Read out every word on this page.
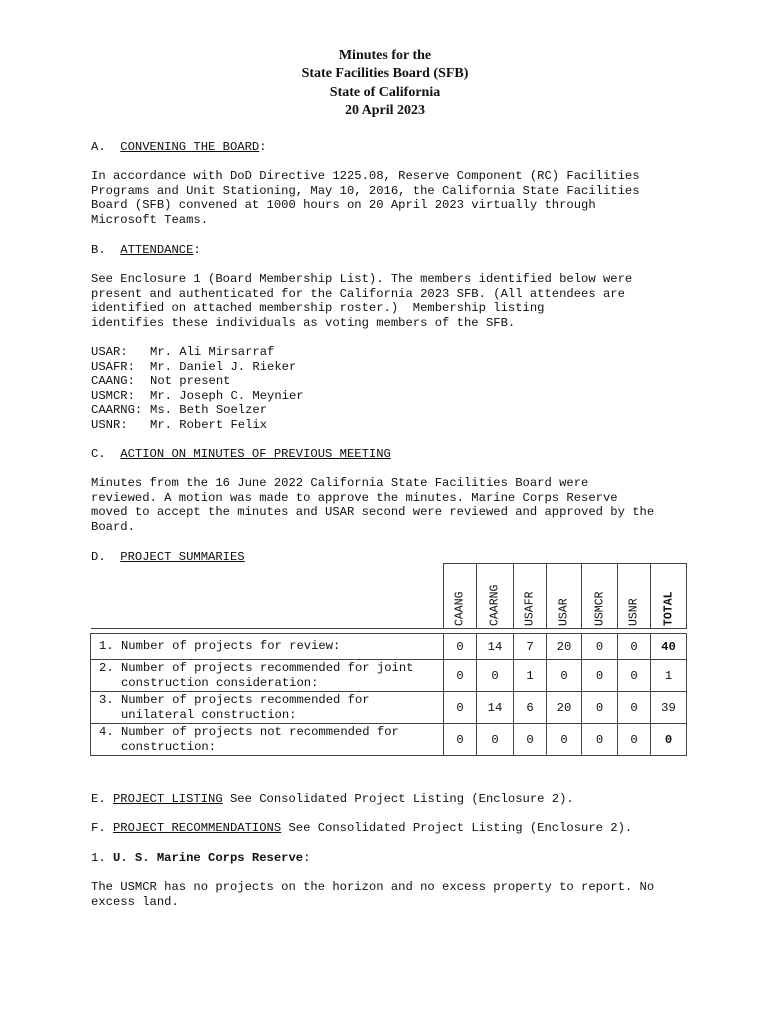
Minutes for the
State Facilities Board (SFB)
State of California
20 April 2023
A.  CONVENING THE BOARD:
In accordance with DoD Directive 1225.08, Reserve Component (RC) Facilities
Programs and Unit Stationing, May 10, 2016, the California State Facilities
Board (SFB) convened at 1000 hours on 20 April 2023 virtually through
Microsoft Teams.
B.  ATTENDANCE:
See Enclosure 1 (Board Membership List). The members identified below were
present and authenticated for the California 2023 SFB. (All attendees are
identified on attached membership roster.)  Membership listing
identifies these individuals as voting members of the SFB.
USAR: Mr. Ali Mirsarraf
USAFR: Mr. Daniel J. Rieker
CAANG: Not present
USMCR: Mr. Joseph C. Meynier
CAARNG: Ms. Beth Soelzer
USNR: Mr. Robert Felix
C.  ACTION ON MINUTES OF PREVIOUS MEETING
Minutes from the 16 June 2022 California State Facilities Board were
reviewed. A motion was made to approve the minutes. Marine Corps Reserve
moved to accept the minutes and USAR second were reviewed and approved by the
Board.
D.  PROJECT SUMMARIES

	CAANG	CAARNG	USAFR	USAR	USMCR	USNR	TOTAL

1. Number of projects for review:	0	14	7	20	0	0	40
2. Number of projects recommended for joint
construction consideration:	0	0	1	0	0	0	1
3. Number of projects recommended for
unilateral construction:	0	14	6	20	0	0	39
4. Number of projects not recommended for
construction:	0	0	0	0	0	0	0
E. PROJECT LISTING See Consolidated Project Listing (Enclosure 2).
F. PROJECT RECOMMENDATIONS See Consolidated Project Listing (Enclosure 2).
1. U. S. Marine Corps Reserve:
The USMCR has no projects on the horizon and no excess property to report. No
excess land.
